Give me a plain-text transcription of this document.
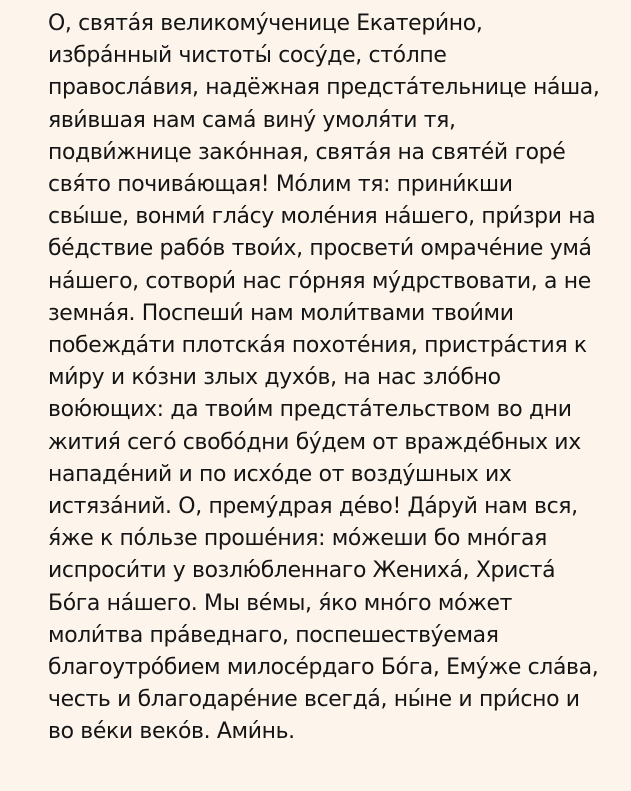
О, свята́я великому́ченице Екатери́но,
избра́нный чистоты́ сосу́де, сто́лпе
правосла́вия, надёжная предста́тельнице на́ша,
яви́вшая нам сама́ вину́ умоля́ти тя,
подви́жнице зако́нная, свята́я на святе́й горе́
свя́то почива́ющая! Мо́лим тя: прини́кши
свы́ше, вонми́ гла́су моле́ния на́шего, при́зри на
бе́дствие рабо́в твои́х, просвети́ омраче́ние ума́
на́шего, сотвори́ нас го́рняя му́дрствовати, а не
земна́я. Поспеши́ нам моли́твами твои́ми
побежда́ти плотска́я похоте́ния, пристра́стия к
ми́ру и ко́зни злых духо́в, на нас зло́бно
вою́ющих: да твои́м предста́тельством во дни
жития́ сего́ свобо́дни бу́дем от вражде́бных их
нападе́ний и по исхо́де от возду́шных их
истяза́ний. О, прему́драя де́во! Да́руй нам вся,
я́же к по́льзе проше́ния: мо́жеши бо мно́гая
испроси́ти у возлю́бленнаго Жениха́, Христа́
Бо́га на́шего. Мы ве́мы, я́ко мно́го мо́жет
моли́тва пра́веднаго, поспешеству́емая
благоутро́бием милосе́рдаго Бо́га, Ему́же сла́ва,
честь и благодаре́ние всегда́, ны́не и при́сно и
во ве́ки веко́в. Ами́нь.
